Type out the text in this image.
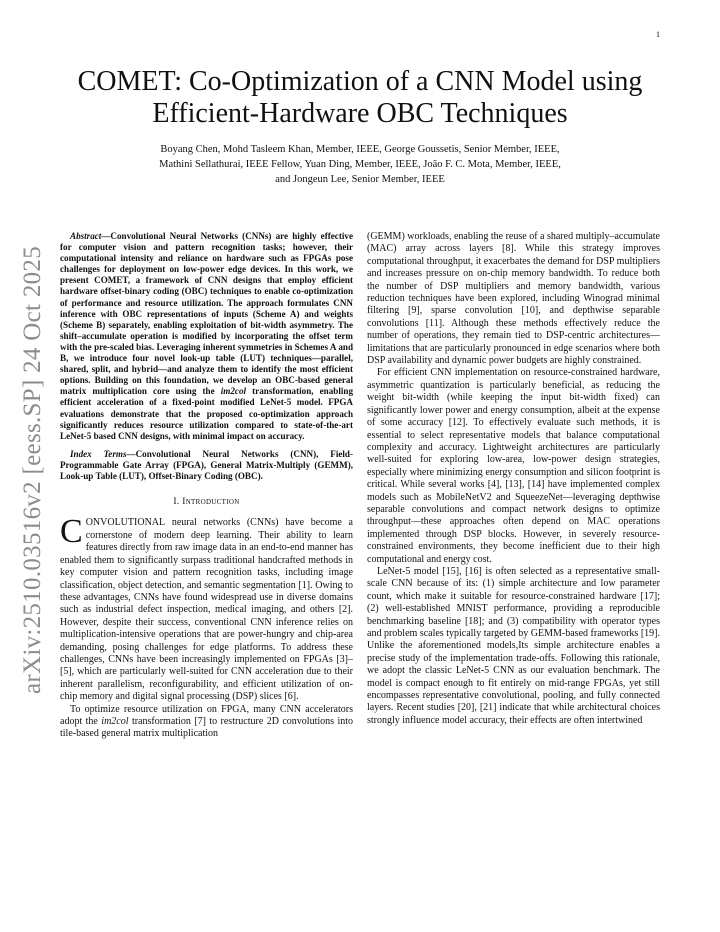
1
arXiv:2510.03516v2 [eess.SP] 24 Oct 2025
COMET: Co-Optimization of a CNN Model using
Efficient-Hardware OBC Techniques
Boyang Chen, Mohd Tasleem Khan, Member, IEEE, George Goussetis, Senior Member, IEEE,
Mathini Sellathurai, IEEE Fellow, Yuan Ding, Member, IEEE, João F. C. Mota, Member, IEEE,
and Jongeun Lee, Senior Member, IEEE

Abstract—Convolutional Neural Networks (CNNs) are highly effective for computer vision and pattern recognition tasks; however, their computational intensity and reliance on hardware such as FPGAs pose challenges for deployment on low-power edge devices. In this work, we present COMET, a framework of CNN designs that employ efficient hardware offset-binary coding (OBC) techniques to enable co-optimization of performance and resource utilization. The approach formulates CNN inference with OBC representations of inputs (Scheme A) and weights (Scheme B) separately, enabling exploitation of bit-width asymmetry. The shift–accumulate operation is modified by incorporating the offset term with the pre-scaled bias. Leveraging inherent symmetries in Schemes A and B, we introduce four novel look-up table (LUT) techniques—parallel, shared, split, and hybrid—and analyze them to identify the most efficient options. Building on this foundation, we develop an OBC-based general matrix multiplication core using the im2col transformation, enabling efficient acceleration of a fixed-point modified LeNet-5 model. FPGA evaluations demonstrate that the proposed co-optimization approach significantly reduces resource utilization compared to state-of-the-art LeNet-5 based CNN designs, with minimal impact on accuracy.

Index Terms—Convolutional Neural Networks (CNN), Field-Programmable Gate Array (FPGA), General Matrix-Multiply (GEMM), Look-up Table (LUT), Offset-Binary Coding (OBC).

I. Introduction

CONVOLUTIONAL neural networks (CNNs) have become a cornerstone of modern deep learning. Their ability to learn features directly from raw image data in an end-to-end manner has enabled them to significantly surpass traditional handcrafted methods in key computer vision and pattern recognition tasks, including image classification, object detection, and semantic segmentation [1]. Owing to these advantages, CNNs have found widespread use in diverse domains such as industrial defect inspection, medical imaging, and others [2]. However, despite their success, conventional CNN inference relies on multiplication-intensive operations that are power-hungry and chip-area demanding, posing challenges for edge platforms. To address these challenges, CNNs have been increasingly implemented on FPGAs [3]–[5], which are particularly well-suited for CNN acceleration due to their inherent parallelism, reconfigurability, and efficient utilization of on-chip memory and digital signal processing (DSP) slices [6].

To optimize resource utilization on FPGA, many CNN accelerators adopt the im2col transformation [7] to restructure 2D convolutions into tile-based general matrix multiplication

(GEMM) workloads, enabling the reuse of a shared multiply–accumulate (MAC) array across layers [8]. While this strategy improves computational throughput, it exacerbates the demand for DSP multipliers and increases pressure on on-chip memory bandwidth. To reduce both the number of DSP multipliers and memory bandwidth, various reduction techniques have been explored, including Winograd minimal filtering [9], sparse convolution [10], and depthwise separable convolutions [11]. Although these methods effectively reduce the number of operations, they remain tied to DSP-centric architectures—limitations that are particularly pronounced in edge scenarios where both DSP availability and dynamic power budgets are highly constrained.

For efficient CNN implementation on resource-constrained hardware, asymmetric quantization is particularly beneficial, as reducing the weight bit-width (while keeping the input bit-width fixed) can significantly lower power and energy consumption, albeit at the expense of some accuracy [12]. To effectively evaluate such methods, it is essential to select representative models that balance computational complexity and accuracy. Lightweight architectures are particularly well-suited for exploring low-area, low-power design strategies, especially where minimizing energy consumption and silicon footprint is critical. While several works [4], [13], [14] have implemented complex models such as MobileNetV2 and SqueezeNet—leveraging depthwise separable convolutions and compact network designs to optimize throughput—these approaches often depend on MAC operations implemented through DSP blocks. However, in severely resource-constrained environments, they become inefficient due to their high computational and energy cost.

LeNet-5 model [15], [16] is often selected as a representative small-scale CNN because of its: (1) simple architecture and low parameter count, which make it suitable for resource-constrained hardware [17]; (2) well-established MNIST performance, providing a reproducible benchmarking baseline [18]; and (3) compatibility with operator types and problem scales typically targeted by GEMM-based frameworks [19]. Unlike the aforementioned models,Its simple architecture enables a precise study of the implementation trade-offs. Following this rationale, we adopt the classic LeNet-5 CNN as our evaluation benchmark. The model is compact enough to fit entirely on mid-range FPGAs, yet still encompasses representative convolutional, pooling, and fully connected layers. Recent studies [20], [21] indicate that while architectural choices strongly influence model accuracy, their effects are often intertwined
